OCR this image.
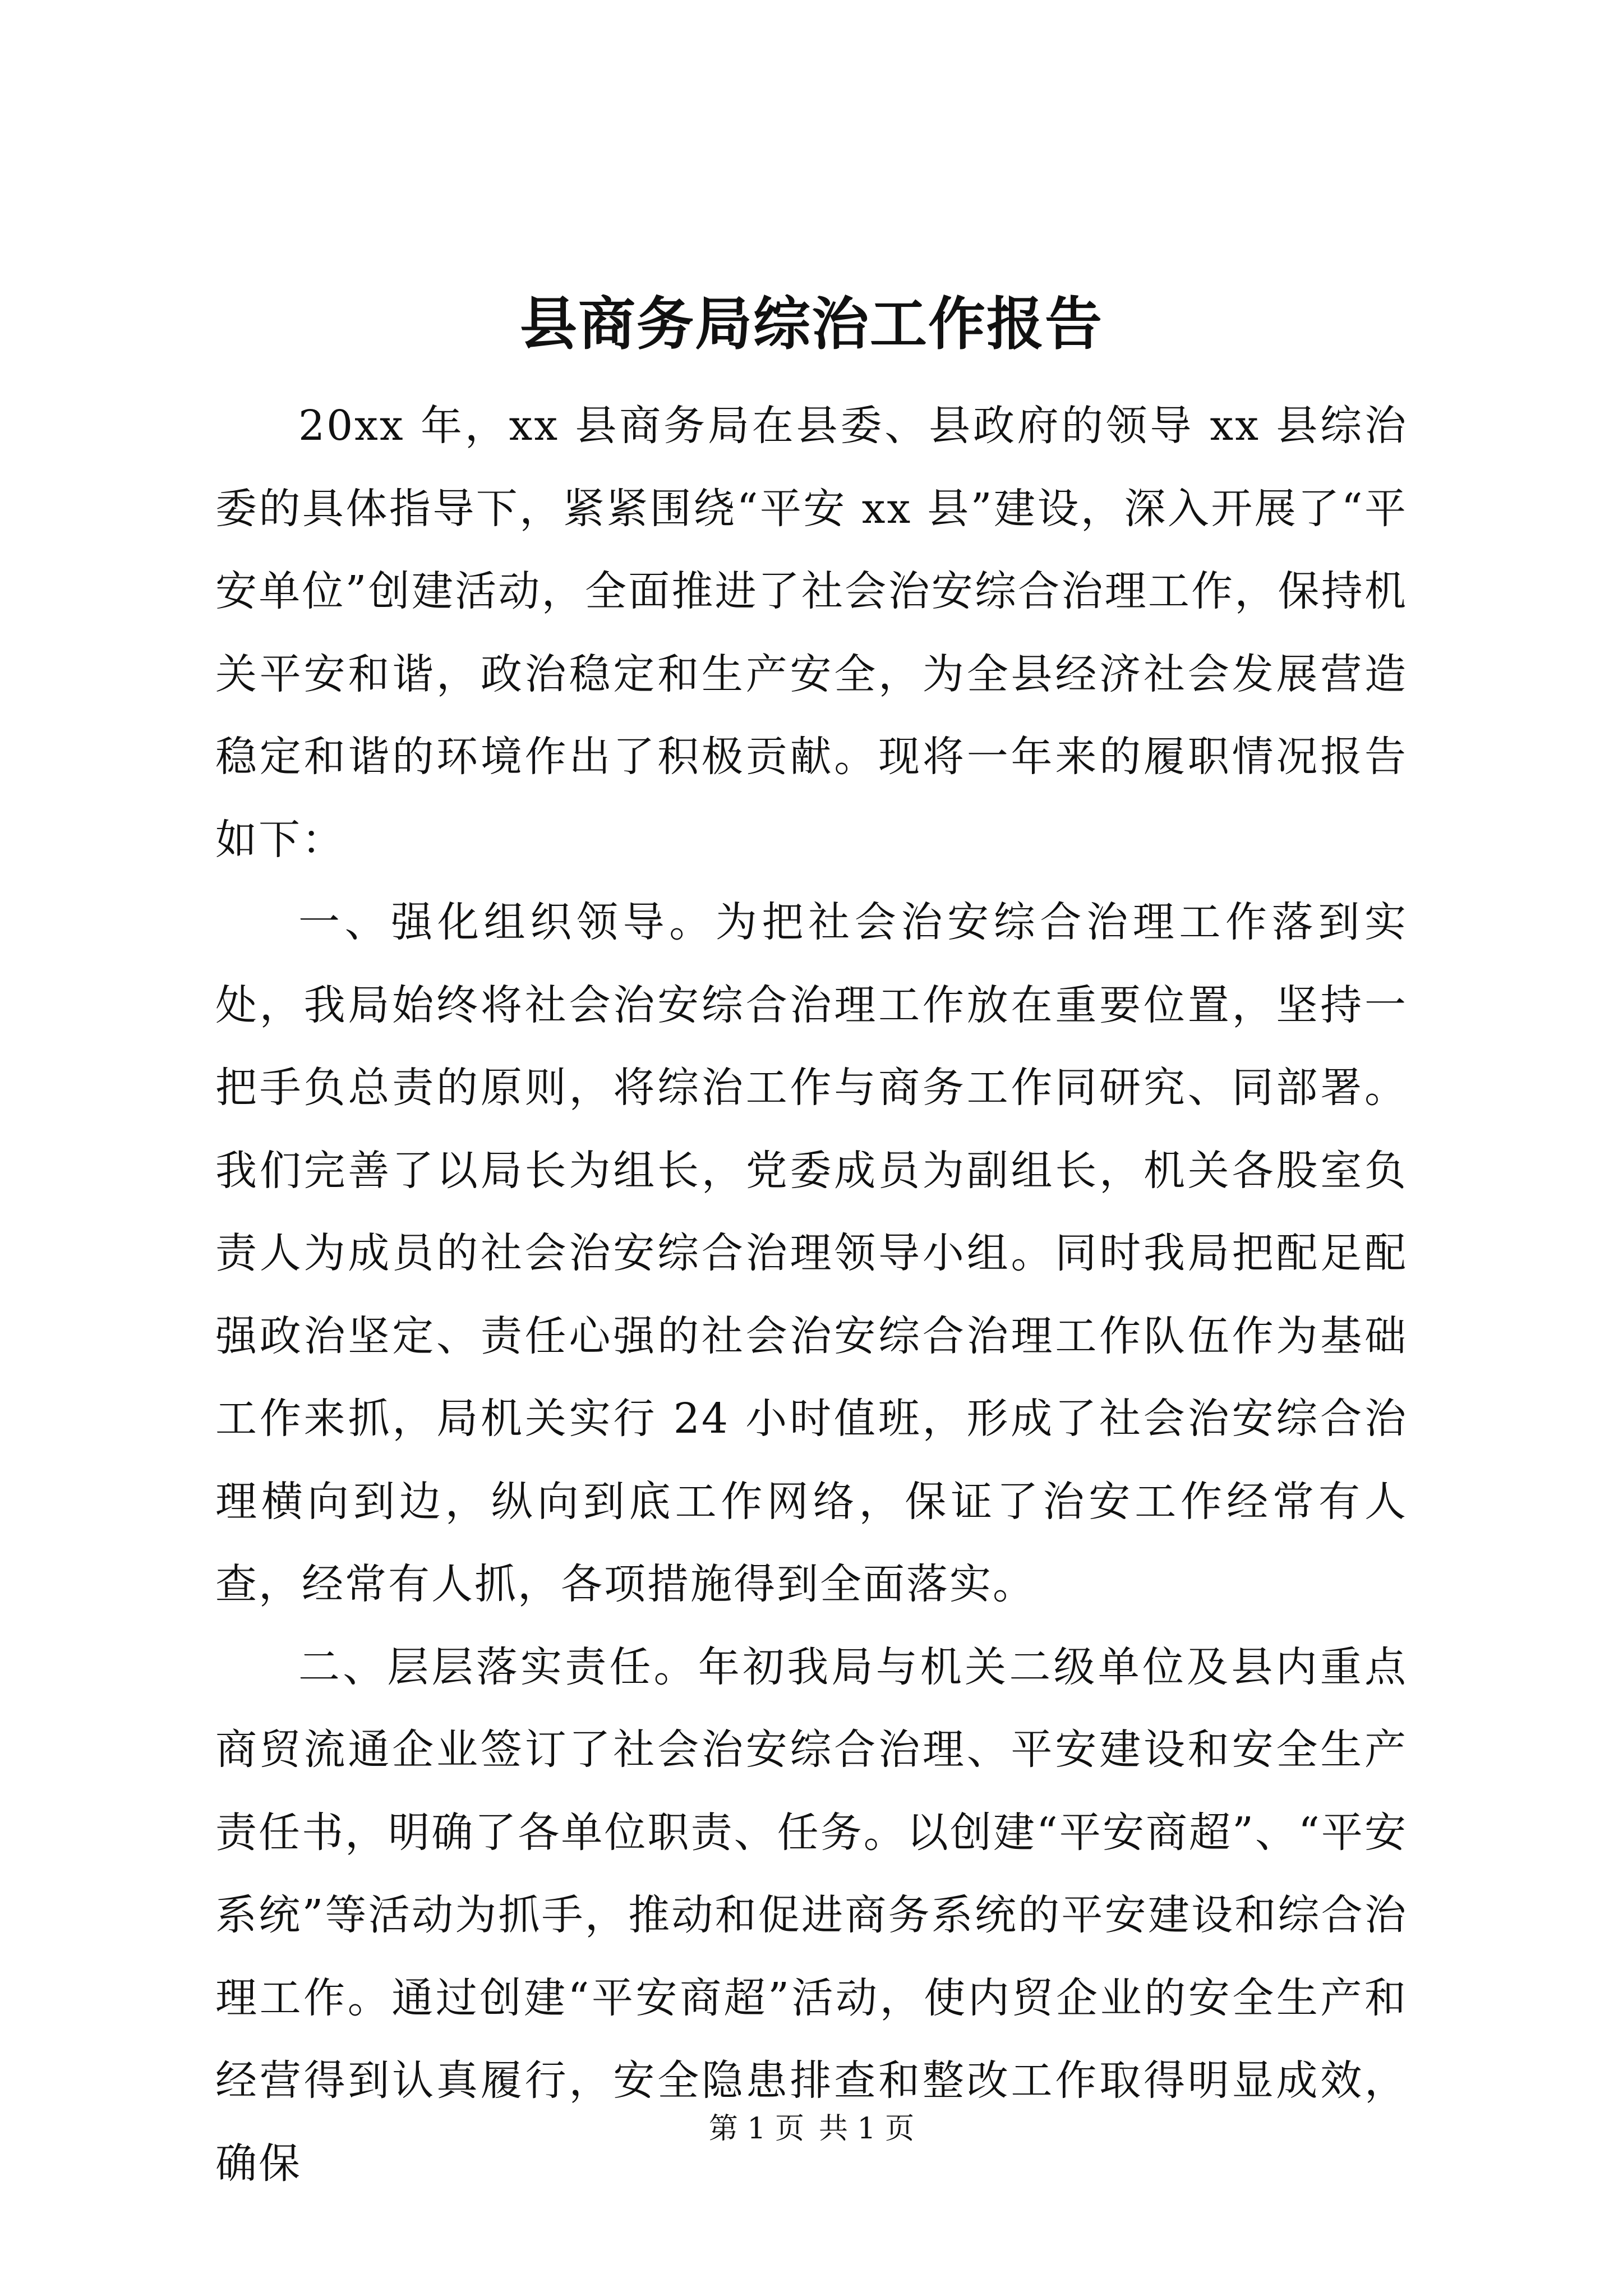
县商务局综治工作报告

20xx 年，xx 县商务局在县委、县政府的领导 xx 县综治委的具体指导下，紧紧围绕“平安 xx 县”建设，深入开展了“平安单位”创建活动，全面推进了社会治安综合治理工作，保持机关平安和谐，政治稳定和生产安全，为全县经济社会发展营造稳定和谐的环境作出了积极贡献。现将一年来的履职情况报告如下：

一、强化组织领导。为把社会治安综合治理工作落到实处，我局始终将社会治安综合治理工作放在重要位置，坚持一把手负总责的原则，将综治工作与商务工作同研究、同部署。我们完善了以局长为组长，党委成员为副组长，机关各股室负责人为成员的社会治安综合治理领导小组。同时我局把配足配强政治坚定、责任心强的社会治安综合治理工作队伍作为基础工作来抓，局机关实行 24 小时值班，形成了社会治安综合治理横向到边，纵向到底工作网络，保证了治安工作经常有人查，经常有人抓，各项措施得到全面落实。

二、层层落实责任。年初我局与机关二级单位及县内重点商贸流通企业签订了社会治安综合治理、平安建设和安全生产责任书，明确了各单位职责、任务。以创建“平安商超”、“平安系统”等活动为抓手，推动和促进商务系统的平安建设和综合治理工作。通过创建“平安商超”活动，使内贸企业的安全生产和经营得到认真履行，安全隐患排查和整改工作取得明显成效，确保

第 1 页 共 1 页
